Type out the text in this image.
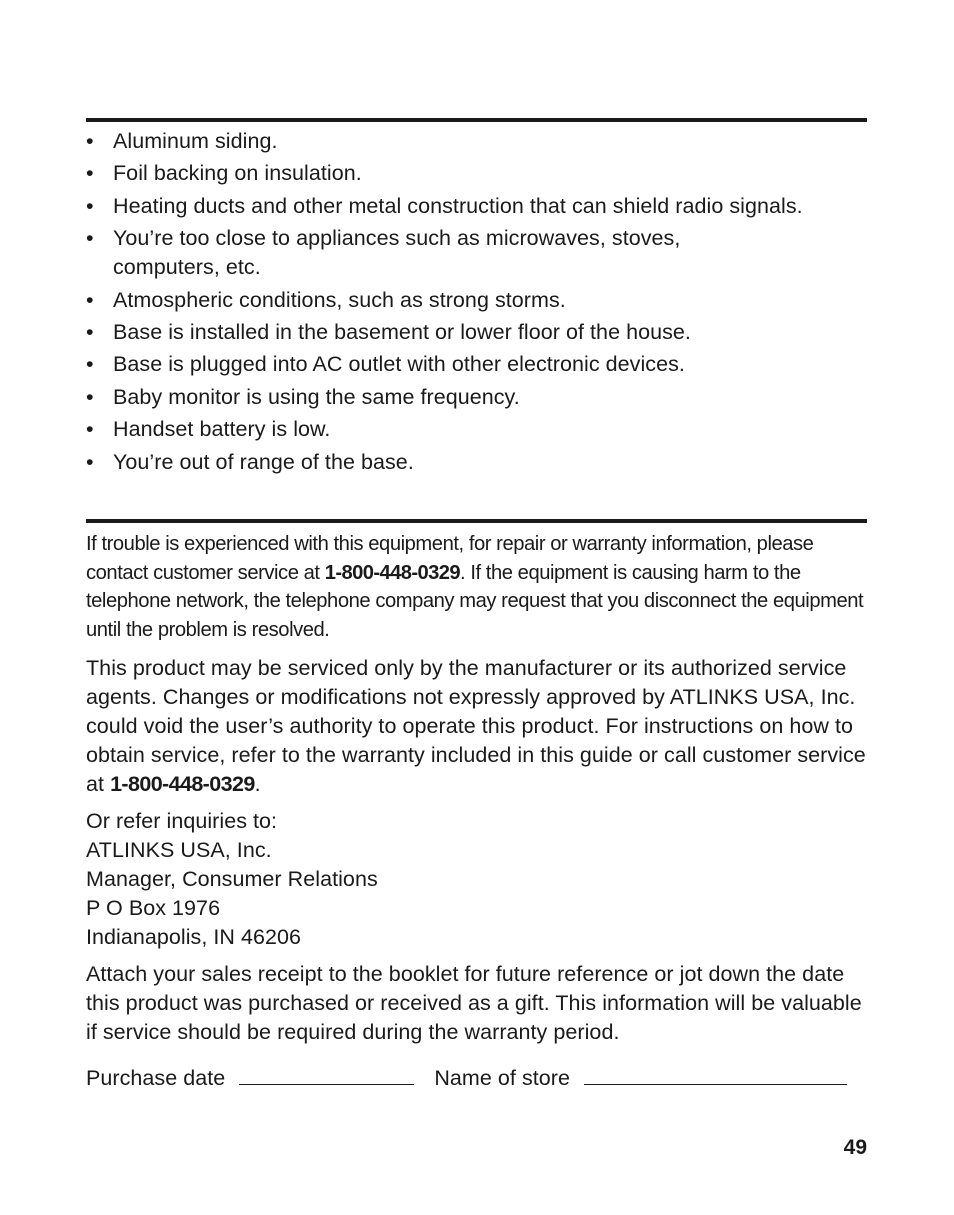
• Aluminum siding.
• Foil backing on insulation.
• Heating ducts and other metal construction that can shield radio signals.
• You’re too close to appliances such as microwaves, stoves, computers, etc.
• Atmospheric conditions, such as strong storms.
• Base is installed in the basement or lower floor of the house.
• Base is plugged into AC outlet with other electronic devices.
• Baby monitor is using the same frequency.
• Handset battery is low.
• You’re out of range of the base.

If trouble is experienced with this equipment, for repair or warranty information, please contact customer service at 1-800-448-0329. If the equipment is causing harm to the telephone network, the telephone company may request that you disconnect the equipment until the problem is resolved.

This product may be serviced only by the manufacturer or its authorized service agents. Changes or modifications not expressly approved by ATLINKS USA, Inc. could void the user’s authority to operate this product. For instructions on how to obtain service, refer to the warranty included in this guide or call customer service at 1-800-448-0329.

Or refer inquiries to:
ATLINKS USA, Inc.
Manager, Consumer Relations
P O Box 1976
Indianapolis, IN 46206

Attach your sales receipt to the booklet for future reference or jot down the date this product was purchased or received as a gift. This information will be valuable if service should be required during the warranty period.

Purchase date	Name of store

49
